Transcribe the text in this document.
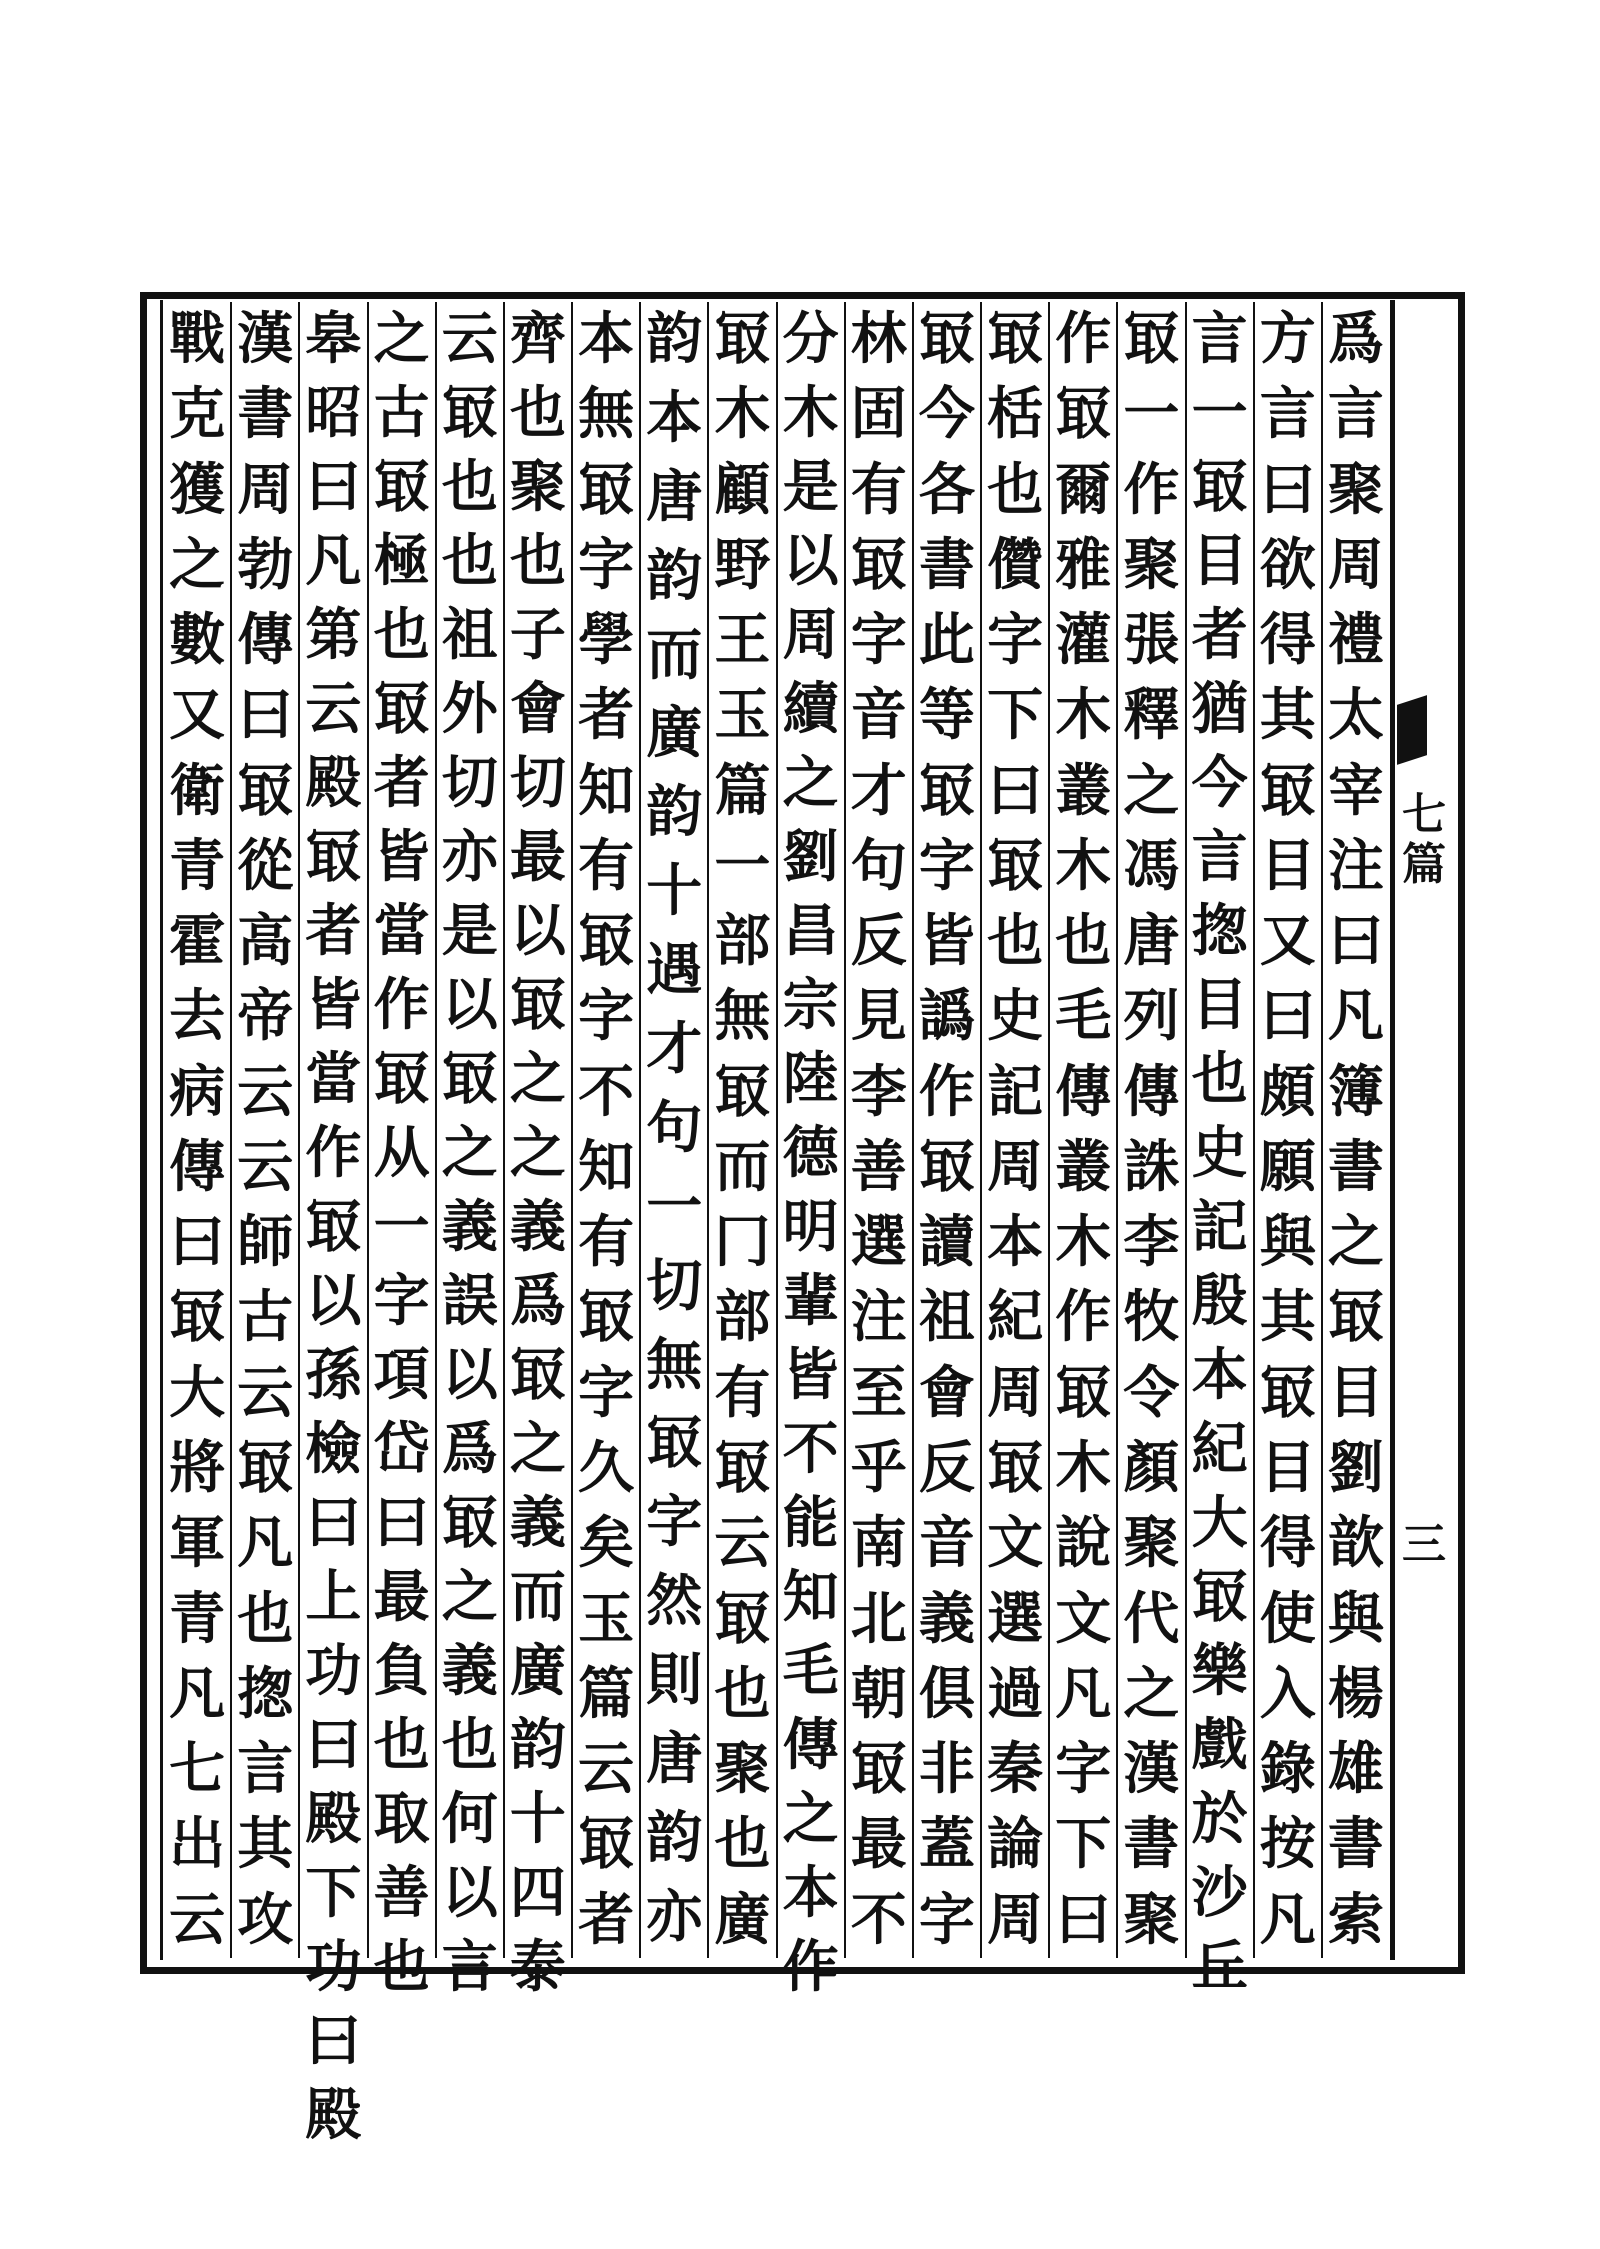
七
篇
三
爲
言
聚
周
禮
太
宰
注
曰
凡
簿
書
之
冣
目
劉
歆
與
楊
雄
書
索
方
言
曰
欲
得
其
冣
目
又
曰
頗
願
與
其
冣
目
得
使
入
錄
按
凡
言
一
冣
目
者
猶
今
言
揔
目
也
史
記
殷
本
紀
大
冣
樂
戲
於
沙
丘
冣
一
作
聚
張
釋
之
馮
唐
列
傳
誅
李
牧
令
顏
聚
代
之
漢
書
聚
作
冣
爾
雅
灌
木
叢
木
也
毛
傳
叢
木
作
冣
木
說
文
凡
字
下
曰
冣
栝
也
儹
字
下
曰
冣
也
史
記
周
本
紀
周
冣
文
選
過
秦
論
周
冣
今
各
書
此
等
冣
字
皆
譌
作
冣
讀
祖
會
反
音
義
俱
非
蓋
字
林
固
有
冣
字
音
才
句
反
見
李
善
選
注
至
乎
南
北
朝
冣
最
不
分
木
是
以
周
續
之
劉
昌
宗
陸
德
明
輩
皆
不
能
知
毛
傳
之
本
作
冣
木
顧
野
王
玉
篇
一
部
無
冣
而
冂
部
有
冣
云
冣
也
聚
也
廣
韵
本
唐
韵
而
廣
韵
十
遇
才
句
一
切
無
冣
字
然
則
唐
韵
亦
本
無
冣
字
學
者
知
有
冣
字
不
知
有
冣
字
久
矣
玉
篇
云
冣
者
齊
也
聚
也
子
會
切
最
以
冣
之
之
義
爲
冣
之
義
而
廣
韵
十
四
泰
云
冣
也
也
祖
外
切
亦
是
以
冣
之
義
誤
以
爲
冣
之
義
也
何
以
言
之
古
冣
極
也
冣
者
皆
當
作
冣
从
一
字
項
岱
曰
最
負
也
取
善
也
皋
昭
曰
凡
第
云
殿
冣
者
皆
當
作
冣
以
孫
檢
曰
上
功
曰
殿
下
功
曰
殿
漢
書
周
勃
傳
曰
冣
從
高
帝
云
云
師
古
云
冣
凡
也
揔
言
其
攻
戰
克
獲
之
數
又
衛
青
霍
去
病
傳
曰
冣
大
將
軍
青
凡
七
出
云
